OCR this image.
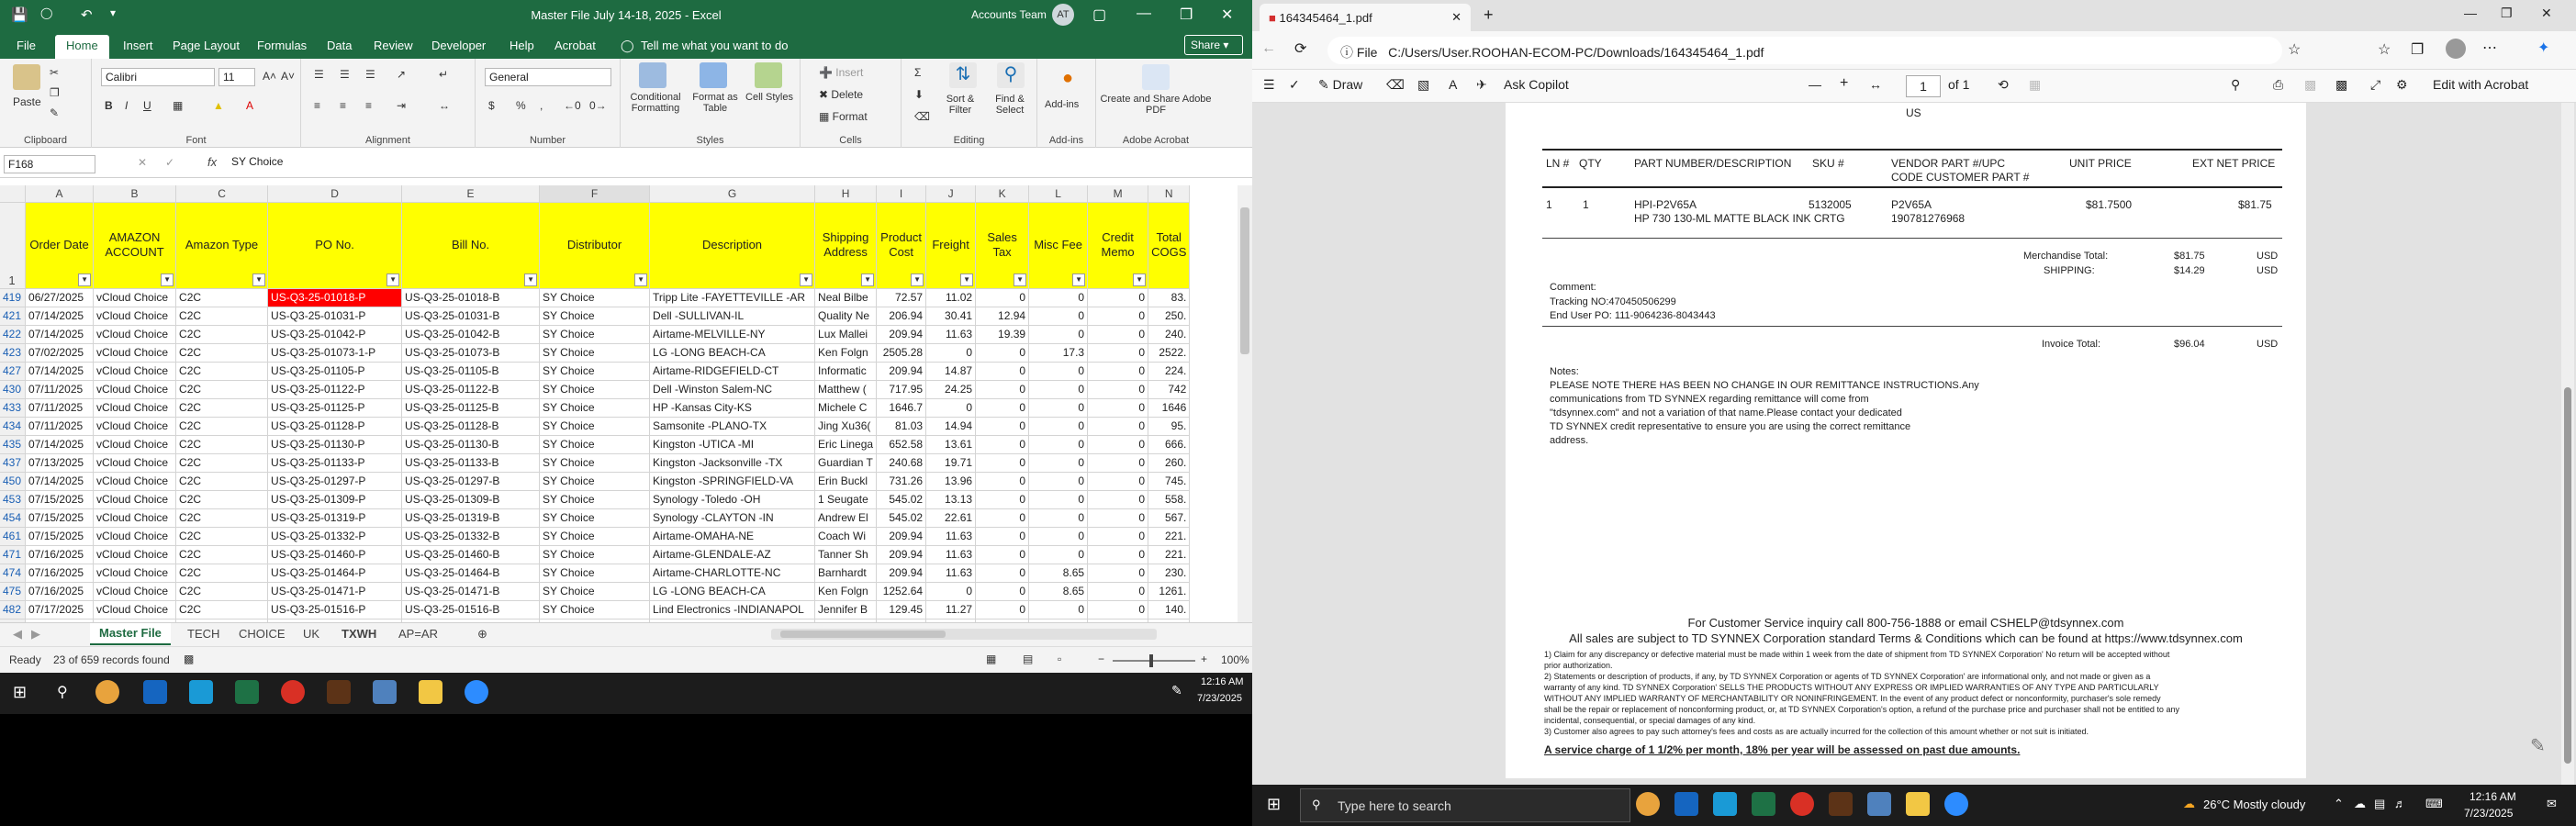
💾 ◯ ↶ ▾	Master File July 14-18, 2025 - Excel	Accounts Team	AT	▢ — ❐ ✕
File	Home	Insert Page Layout Formulas Data Review Developer Help Acrobat ◯ Tell me what you want to do	Share ▾
Paste
✂
❐
✎
Clipboard
Calibri	11	A˄ A˅
B I U ▦	▲ A
Font
☰ ☰ ☰ ↗	↵
≡ ≡ ≡ ⇥	↔
Alignment
General
$ % , ←0 0→
Number
Conditional Formatting
Format as Table
Cell Styles
Styles
➕ Insert
✖ Delete
▦ Format
Cells
Σ
⬇
⌫
⇅
Sort & Filter
⚲
Find & Select
Editing
●
Add-ins
Add-ins
Create and Share Adobe PDF
Adobe Acrobat
F168	✕ ✓	fx SY Choice
	A	B	C	D	E	F	G	H	I	J	K	L	M	N
1	Order Date
▼	AMAZON ACCOUNT
▼	Amazon Type
▼	PO No.
▼	Bill No.
▼	Distributor
▼	Description
▼	Shipping Address
▼	Product Cost
▼	Freight
▼	Sales Tax
▼	Misc Fee
▼	Credit Memo
▼	Total COGS
419	06/27/2025	vCloud Choice	C2C	US-Q3-25-01018-P	US-Q3-25-01018-B	SY Choice	Tripp Lite -FAYETTEVILLE -AR	Neal Bilbe	72.57	11.02	0	0	0	83.
421	07/14/2025	vCloud Choice	C2C	US-Q3-25-01031-P	US-Q3-25-01031-B	SY Choice	Dell -SULLIVAN-IL	Quality Ne	206.94	30.41	12.94	0	0	250.
422	07/14/2025	vCloud Choice	C2C	US-Q3-25-01042-P	US-Q3-25-01042-B	SY Choice	Airtame-MELVILLE-NY	Lux Mallei	209.94	11.63	19.39	0	0	240.
423	07/02/2025	vCloud Choice	C2C	US-Q3-25-01073-1-P	US-Q3-25-01073-B	SY Choice	LG -LONG BEACH-CA	Ken Folgn	2505.28	0	0	17.3	0	2522.
427	07/14/2025	vCloud Choice	C2C	US-Q3-25-01105-P	US-Q3-25-01105-B	SY Choice	Airtame-RIDGEFIELD-CT	Informatic	209.94	14.87	0	0	0	224.
430	07/11/2025	vCloud Choice	C2C	US-Q3-25-01122-P	US-Q3-25-01122-B	SY Choice	Dell -Winston Salem-NC	Matthew (	717.95	24.25	0	0	0	742
433	07/11/2025	vCloud Choice	C2C	US-Q3-25-01125-P	US-Q3-25-01125-B	SY Choice	HP -Kansas City-KS	Michele C	1646.7	0	0	0	0	1646
434	07/11/2025	vCloud Choice	C2C	US-Q3-25-01128-P	US-Q3-25-01128-B	SY Choice	Samsonite -PLANO-TX	Jing Xu36(	81.03	14.94	0	0	0	95.
435	07/14/2025	vCloud Choice	C2C	US-Q3-25-01130-P	US-Q3-25-01130-B	SY Choice	Kingston -UTICA -MI	Eric Linega	652.58	13.61	0	0	0	666.
437	07/13/2025	vCloud Choice	C2C	US-Q3-25-01133-P	US-Q3-25-01133-B	SY Choice	Kingston -Jacksonville -TX	Guardian T	240.68	19.71	0	0	0	260.
450	07/14/2025	vCloud Choice	C2C	US-Q3-25-01297-P	US-Q3-25-01297-B	SY Choice	Kingston -SPRINGFIELD-VA	Erin Buckl	731.26	13.96	0	0	0	745.
453	07/15/2025	vCloud Choice	C2C	US-Q3-25-01309-P	US-Q3-25-01309-B	SY Choice	Synology -Toledo -OH	1 Seugate	545.02	13.13	0	0	0	558.
454	07/15/2025	vCloud Choice	C2C	US-Q3-25-01319-P	US-Q3-25-01319-B	SY Choice	Synology -CLAYTON -IN	Andrew El	545.02	22.61	0	0	0	567.
461	07/15/2025	vCloud Choice	C2C	US-Q3-25-01332-P	US-Q3-25-01332-B	SY Choice	Airtame-OMAHA-NE	Coach Wi	209.94	11.63	0	0	0	221.
471	07/16/2025	vCloud Choice	C2C	US-Q3-25-01460-P	US-Q3-25-01460-B	SY Choice	Airtame-GLENDALE-AZ	Tanner Sh	209.94	11.63	0	0	0	221.
474	07/16/2025	vCloud Choice	C2C	US-Q3-25-01464-P	US-Q3-25-01464-B	SY Choice	Airtame-CHARLOTTE-NC	Barnhardt	209.94	11.63	0	8.65	0	230.
475	07/16/2025	vCloud Choice	C2C	US-Q3-25-01471-P	US-Q3-25-01471-B	SY Choice	LG -LONG BEACH-CA	Ken Folgn	1252.64	0	0	8.65	0	1261.
482	07/17/2025	vCloud Choice	C2C	US-Q3-25-01516-P	US-Q3-25-01516-B	SY Choice	Lind Electronics -INDIANAPOL	Jennifer B	129.45	11.27	0	0	0	140.

◀ ▶	Master File	TECH CHOICE UK TXWH AP=AR	⊕
Ready 23 of 659 records found ▩	▦ ▤ ▫	−	+ 100%
⊞ ⚲	✎
12:16 AM
7/23/2025
■ 164345464_1.pdf	✕ +	— ❐ ✕
← ⟳	ⓘ File C:/Users/User.ROOHAN-ECOM-PC/Downloads/164345464_1.pdf	☆	☆ ❐	⋯	✦
☰ ✓ ✎ Draw ⌫ ▧ A ✈ Ask Copilot	— + ↔	1	of 1 ⟲ ▦	⚲	⎙ ▩ ▩ ⤢ ⚙ Edit with Acrobat
US
LN # QTY	PART NUMBER/DESCRIPTION SKU #	VENDOR PART #/UPC
CODE CUSTOMER PART #
UNIT PRICE	EXT NET PRICE
1	1	HPI-P2V65A
HP 730 130-ML MATTE BLACK INK CRTG
5132005	P2V65A
190781276968
$81.7500	$81.75
Merchandise Total:	$81.75	USD
SHIPPING:	$14.29	USD
Comment:
Tracking NO:470450506299
End User PO: 111-9064236-8043443
Invoice Total:	$96.04	USD
Notes:
PLEASE NOTE THERE HAS BEEN NO CHANGE IN OUR REMITTANCE INSTRUCTIONS.Any
communications from TD SYNNEX regarding remittance will come from
"tdsynnex.com" and not a variation of that name.Please contact your dedicated
TD SYNNEX credit representative to ensure you are using the correct remittance
address.
For Customer Service inquiry call 800-756-1888 or email CSHELP@tdsynnex.com
All sales are subject to TD SYNNEX Corporation standard Terms & Conditions which can be found at https://www.tdsynnex.com
1) Claim for any discrepancy or defective material must be made within 1 week from the date of shipment from TD SYNNEX Corporation' No return will be accepted without
prior authorization.
2) Statements or description of products, if any, by TD SYNNEX Corporation or agents of TD SYNNEX Corporation' are informational only, and not made or given as a
warranty of any kind. TD SYNNEX Corporation' SELLS THE PRODUCTS WITHOUT ANY EXPRESS OR IMPLIED WARRANTIES OF ANY TYPE AND PARTICULARLY
WITHOUT ANY IMPLIED WARRANTY OF MERCHANTABILITY OR NONINFRINGEMENT. In the event of any product defect or nonconformity, purchaser's sole remedy
shall be the repair or replacement of nonconforming product, or, at TD SYNNEX Corporation's option, a refund of the purchase price and purchaser shall not be entitled to any
incidental, consequential, or special damages of any kind.
3) Customer also agrees to pay such attorney's fees and costs as are actually incurred for the collection of this amount whether or not suit is initiated.
A service charge of 1 1/2% per month, 18% per year will be assessed on past due amounts.	✎
⊞	⚲ Type here to search	☁ 26°C Mostly cloudy ⌃ ☁ ▤ ♬ ⌨ 12:16 AM
7/23/2025
✉
